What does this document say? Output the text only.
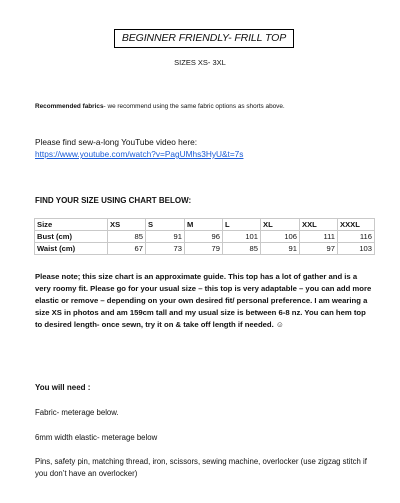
BEGINNER FRIENDLY- FRILL TOP
SIZES XS- 3XL
Recommended fabrics- we recommend using the same fabric options as shorts above.
Please find sew-a-long YouTube video here:
https://www.youtube.com/watch?v=PagUMhs3HyU&t=7s
FIND YOUR SIZE USING CHART BELOW:
Size	XS	S	M	L	XL	XXL	XXXL
Bust (cm)	85	91	96	101	106	111	116
Waist (cm)	67	73	79	85	91	97	103
Please note; this size chart is an approximate guide. This top has a lot of gather and is a very roomy fit. Please go for your usual size – this top is very adaptable – you can add more elastic or remove – depending on your own desired fit/ personal preference. I am wearing a size XS in photos and am 159cm tall and my usual size is between 6-8 nz. You can hem top to desired length- once sewn, try it on & take off length if needed. ☺
You will need :
Fabric- meterage below.
6mm width elastic- meterage below
Pins, safety pin, matching thread, iron, scissors, sewing machine, overlocker (use zigzag stitch if you don’t have an overlocker)
